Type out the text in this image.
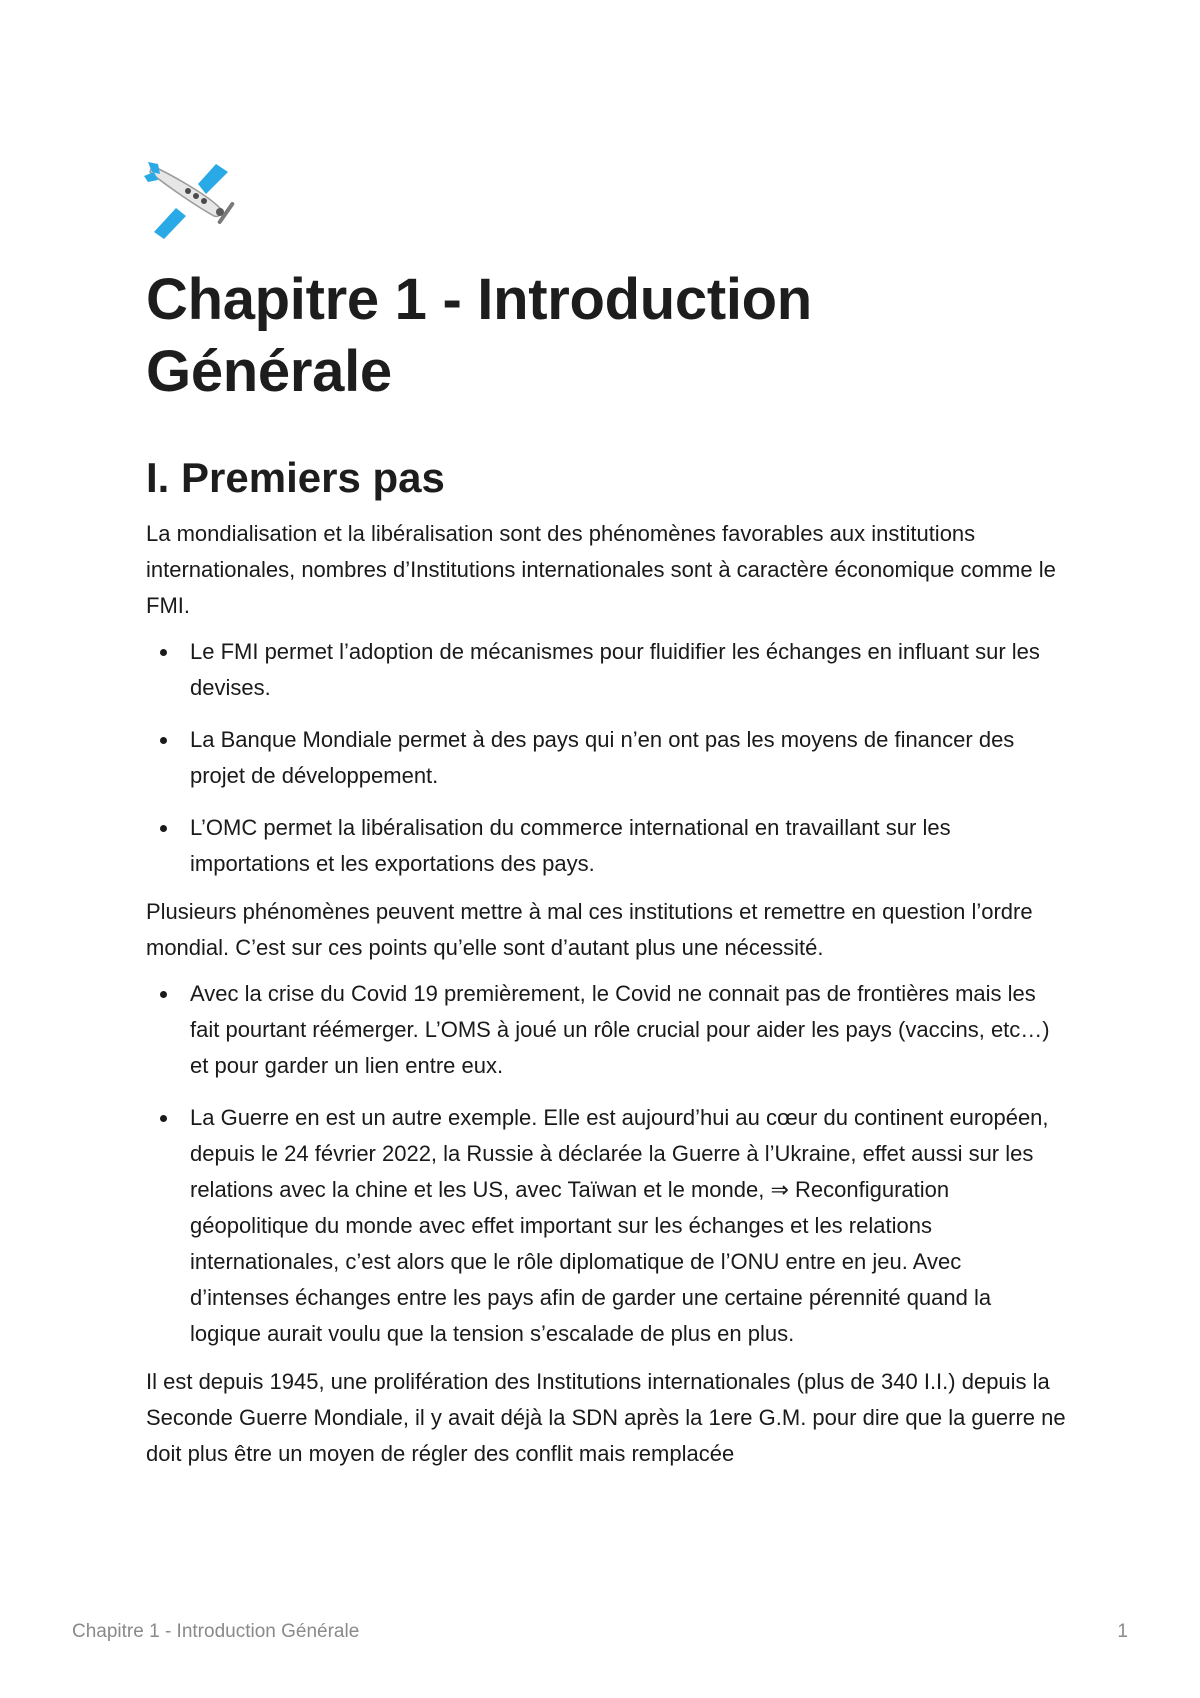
Chapitre 1 - Introduction
Générale
I. Premiers pas

La mondialisation et la libéralisation sont des phénomènes favorables aux institutions internationales, nombres d’Institutions internationales sont à caractère économique comme le FMI.

Le FMI permet l’adoption de mécanismes pour fluidifier les échanges en influant sur les devises.
La Banque Mondiale permet à des pays qui n’en ont pas les moyens de financer des projet de développement.
L’OMC permet la libéralisation du commerce international en travaillant sur les importations et les exportations des pays.

Plusieurs phénomènes peuvent mettre à mal ces institutions et remettre en question l’ordre mondial. C’est sur ces points qu’elle sont d’autant plus une nécessité.

Avec la crise du Covid 19 premièrement, le Covid ne connait pas de frontières mais les fait pourtant réémerger. L’OMS à joué un rôle crucial pour aider les pays (vaccins, etc…) et pour garder un lien entre eux.
La Guerre en est un autre exemple. Elle est aujourd’hui au cœur du continent européen, depuis le 24 février 2022, la Russie à déclarée la Guerre à l’Ukraine, effet aussi sur les relations avec la chine et les US, avec Taïwan et le monde, ⇒ Reconfiguration géopolitique du monde avec effet important sur les échanges et les relations internationales, c’est alors que le rôle diplomatique de l’ONU entre en jeu. Avec d’intenses échanges entre les pays afin de garder une certaine pérennité quand la logique aurait voulu que la tension s’escalade de plus en plus.

Il est depuis 1945, une prolifération des Institutions internationales (plus de 340 I.I.) depuis la Seconde Guerre Mondiale, il y avait déjà la SDN après la 1ere G.M. pour dire que la guerre ne doit plus être un moyen de régler des conflit mais remplacée

Chapitre 1 - Introduction Générale	1
